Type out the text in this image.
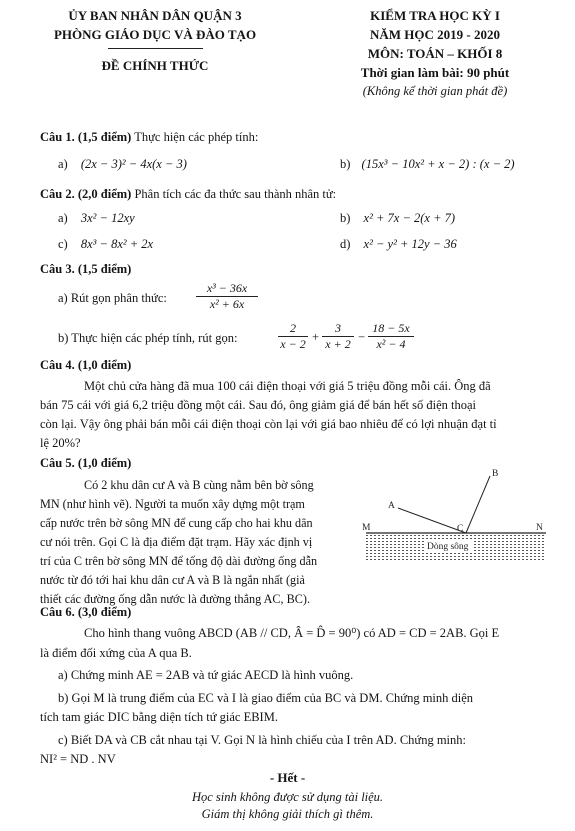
ỦY BAN NHÂN DÂN QUẬN 3
PHÒNG GIÁO DỤC VÀ ĐÀO TẠO
ĐỀ CHÍNH THỨC
KIỂM TRA HỌC KỲ I
NĂM HỌC 2019 - 2020
MÔN: TOÁN – KHỐI 8
Thời gian làm bài: 90 phút
(Không kể thời gian phát đề)
Câu 1. (1,5 điểm) Thực hiện các phép tính:
a) (2x − 3)² − 4x(x − 3)	b) (15x³ − 10x² + x − 2) : (x − 2)
Câu 2. (2,0 điểm) Phân tích các đa thức sau thành nhân tử:
a) 3x² − 12xy	b) x² + 7x − 2(x + 7)
c) 8x³ − 8x² + 2x	d) x² − y² + 12y − 36
Câu 3. (1,5 điểm)
a) Rút gọn phân thức: $\frac{\text{x³ − 36x}}{\text{x² + 6x}}$
b) Thực hiện các phép tính, rút gọn:	$\frac{2}{x - 2} + \frac{3}{x + 2} - \frac{18 - 5x}{\text{x² − 4}}$
Câu 4. (1,0 điểm)
Một chủ cửa hàng đã mua 100 cái điện thoại với giá 5 triệu đồng mỗi cái. Ông đã
bán 75 cái với giá 6,2 triệu đồng một cái. Sau đó, ông giảm giá để bán hết số điện thoại
còn lại. Vậy ông phải bán mỗi cái điện thoại còn lại với giá bao nhiêu để có lợi nhuận đạt tỉ
lệ 20%?
Câu 5. (1,0 điểm)
Có 2 khu dân cư A và B cùng nằm bên bờ sông
MN (như hình vẽ). Người ta muốn xây dựng một trạm
cấp nước trên bờ sông MN để cung cấp cho hai khu dân
cư nói trên. Gọi C là địa điểm đặt trạm. Hãy xác định vị
trí của C trên bờ sông MN để tổng độ dài đường ống dẫn
nước từ đó tới hai khu dân cư A và B là ngắn nhất (giả
thiết các đường ống dẫn nước là đường thẳng AC, BC).
Dòng sông
A
B
C
M	N
Câu 6. (3,0 điểm)
Cho hình thang vuông ABCD (AB // CD, Â = D̂ = 90⁰) có AD = CD = 2AB. Gọi E
là điểm đối xứng của A qua B.
a) Chứng minh AE = 2AB và tứ giác AECD là hình vuông.
b) Gọi M là trung điểm của EC và I là giao điểm của BC và DM. Chứng minh diện
tích tam giác DIC bằng diện tích tứ giác EBIM.
c) Biết DA và CB cắt nhau tại V. Gọi N là hình chiếu của I trên AD. Chứng minh:
NI² = ND . NV
- Hết -
Học sinh không được sử dụng tài liệu.
Giám thị không giải thích gì thêm.
